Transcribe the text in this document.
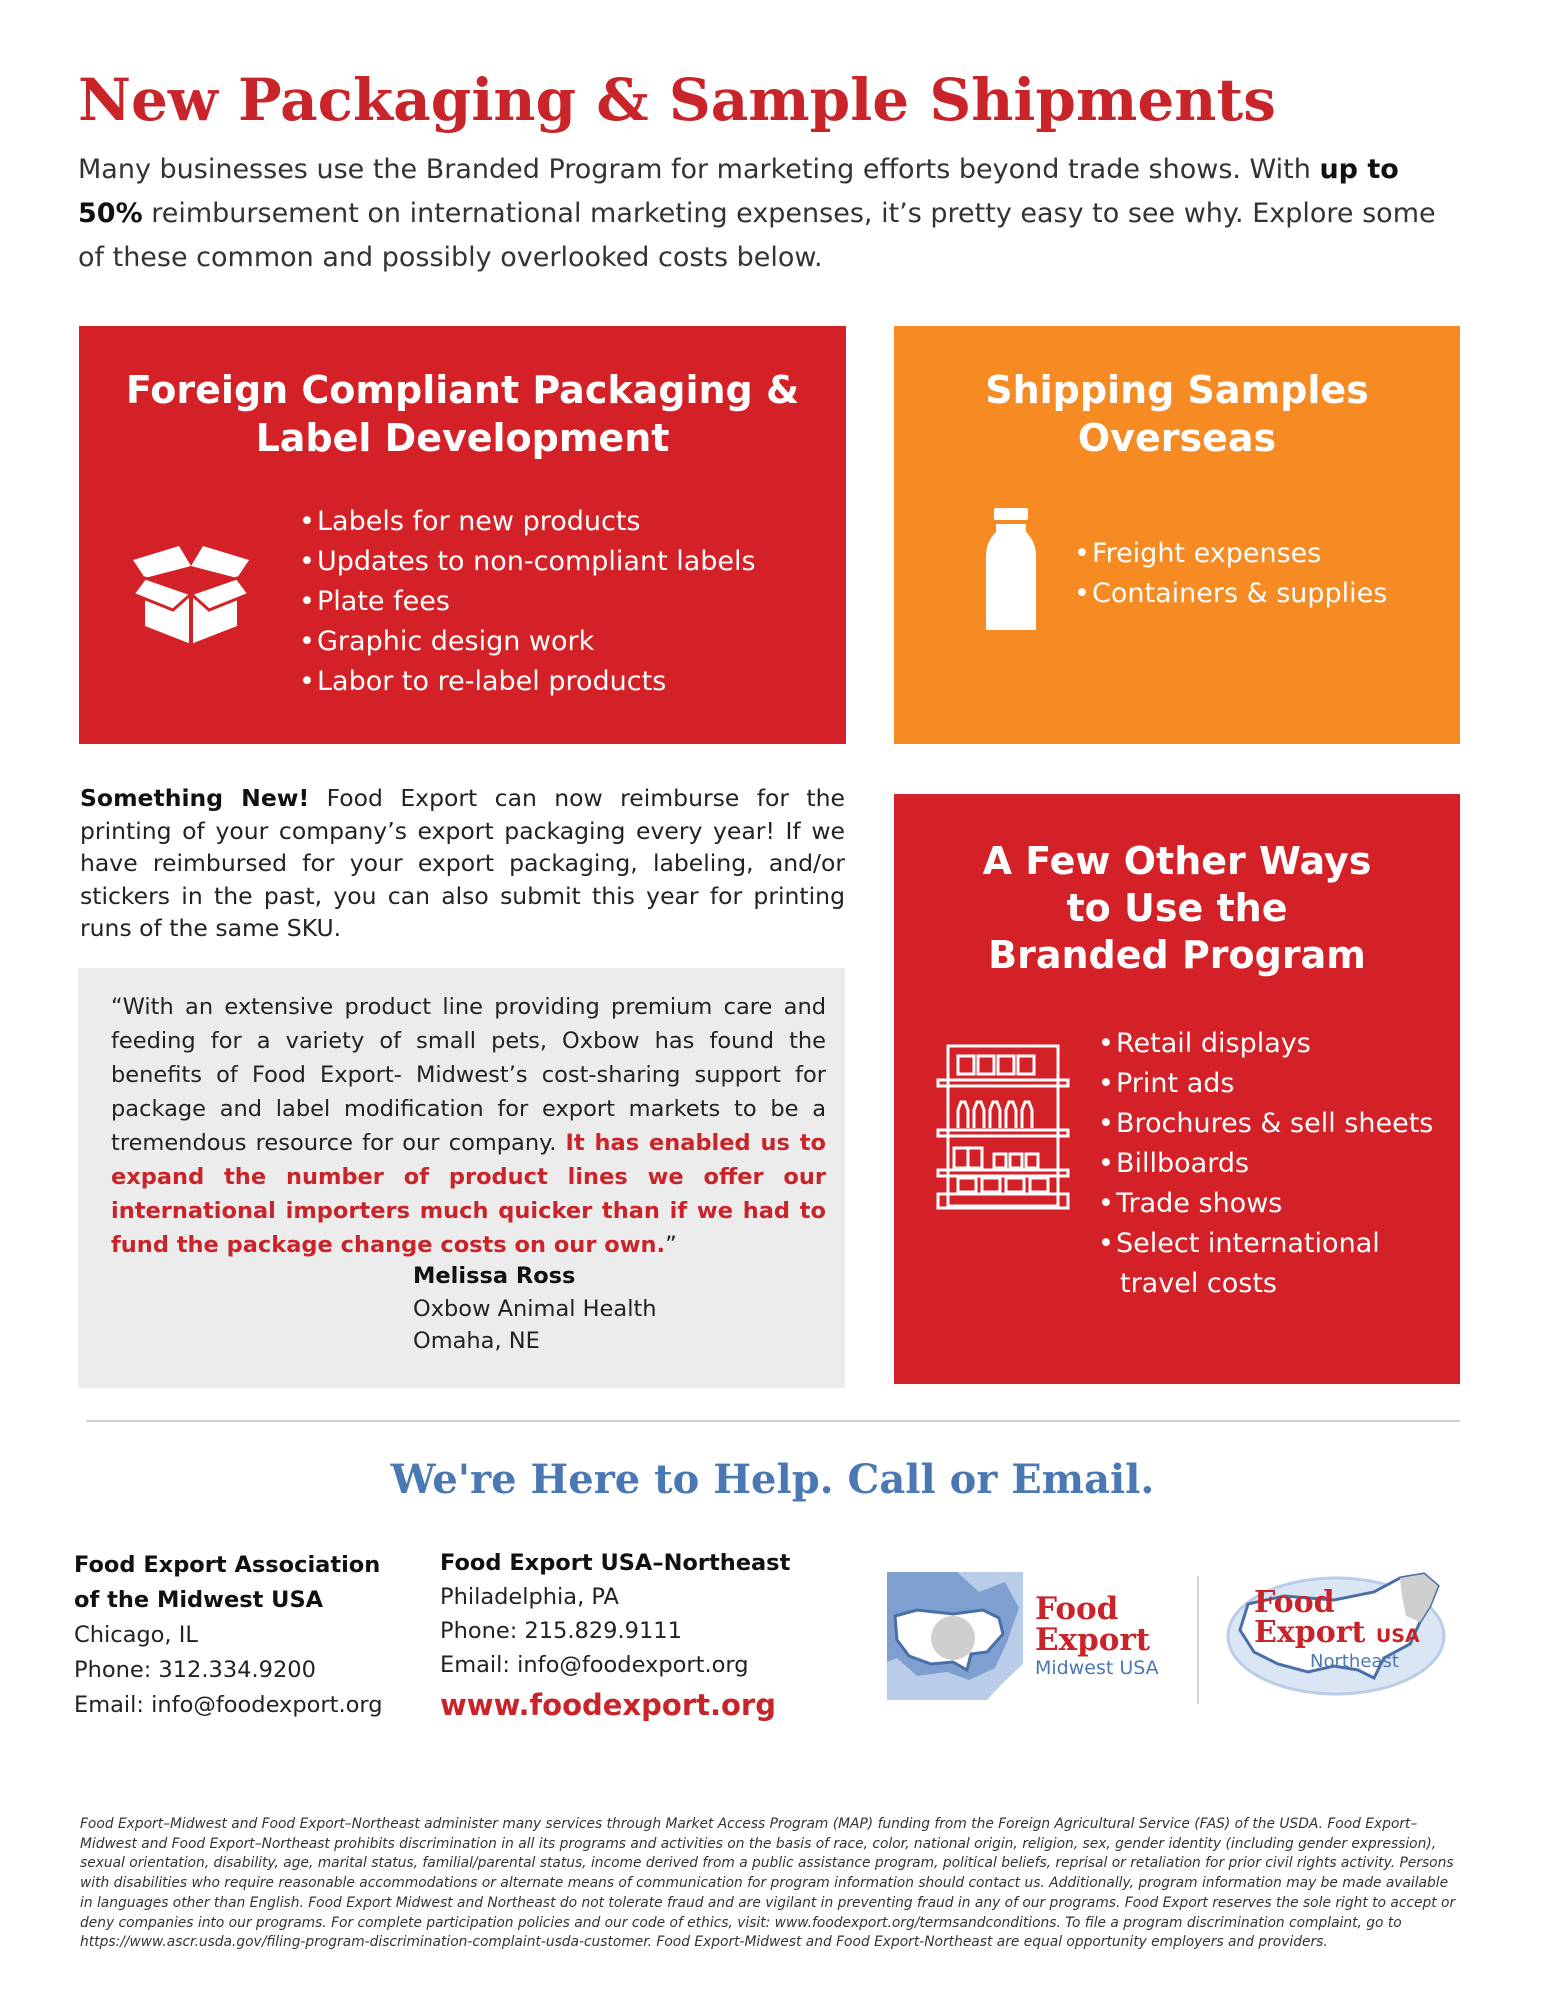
New Packaging & Sample Shipments

Many businesses use the Branded Program for marketing efforts beyond trade shows. With up to 50% reimbursement on international marketing expenses, it’s pretty easy to see why. Explore some of these common and possibly overlooked costs below.

Foreign Compliant Packaging &
Label Development
•Labels for new products
•Updates to non-compliant labels
•Plate fees
•Graphic design work
•Labor to re-label products
Shipping Samples
Overseas
•Freight expenses
•Containers & supplies

Something New! Food Export can now reimburse for the printing of your company’s export packaging every year! If we have reimbursed for your export packaging, labeling, and/or stickers in the past, you can also submit this year for printing runs of the same SKU.

“With an extensive product line providing premium care and feeding for a variety of small pets, Oxbow has found the benefits of Food Export- Midwest’s cost-sharing support for package and label modification for export markets to be a tremendous resource for our company. It has enabled us to expand the number of product lines we offer our international importers much quicker than if we had to fund the package change costs on our own.”

Melissa Ross
Oxbow Animal Health
Omaha, NE
A Few Other Ways
to Use the
Branded Program
•Retail displays
•Print ads
•Brochures & sell sheets
•Billboards
•Trade shows
•Select international
travel costs
We're Here to Help. Call or Email.
Food Export Association
of the Midwest USA
Chicago, IL
Phone: 312.334.9200
Email: info@foodexport.org
Food Export USA–Northeast
Philadelphia, PA
Phone: 215.829.9111
Email: info@foodexport.org
www.foodexport.org
Food
Export
Midwest USA
Food
Export USA
Northeast

Food Export–Midwest and Food Export–Northeast administer many services through Market Access Program (MAP) funding from the Foreign Agricultural Service (FAS) of the USDA. Food Export–Midwest and Food Export–Northeast prohibits discrimination in all its programs and activities on the basis of race, color, national origin, religion, sex, gender identity (including gender expression), sexual orientation, disability, age, marital status, familial/parental status, income derived from a public assistance program, political beliefs, reprisal or retaliation for prior civil rights activity. Persons with disabilities who require reasonable accommodations or alternate means of communication for program information should contact us. Additionally, program information may be made available in languages other than English. Food Export Midwest and Northeast do not tolerate fraud and are vigilant in preventing fraud in any of our programs. Food Export reserves the sole right to accept or deny companies into our programs. For complete participation policies and our code of ethics, visit: www.foodexport.org/termsandconditions. To file a program discrimination complaint, go to https://www.ascr.usda.gov/filing-program-discrimination-complaint-usda-customer. Food Export-Midwest and Food Export-Northeast are equal opportunity employers and providers.
